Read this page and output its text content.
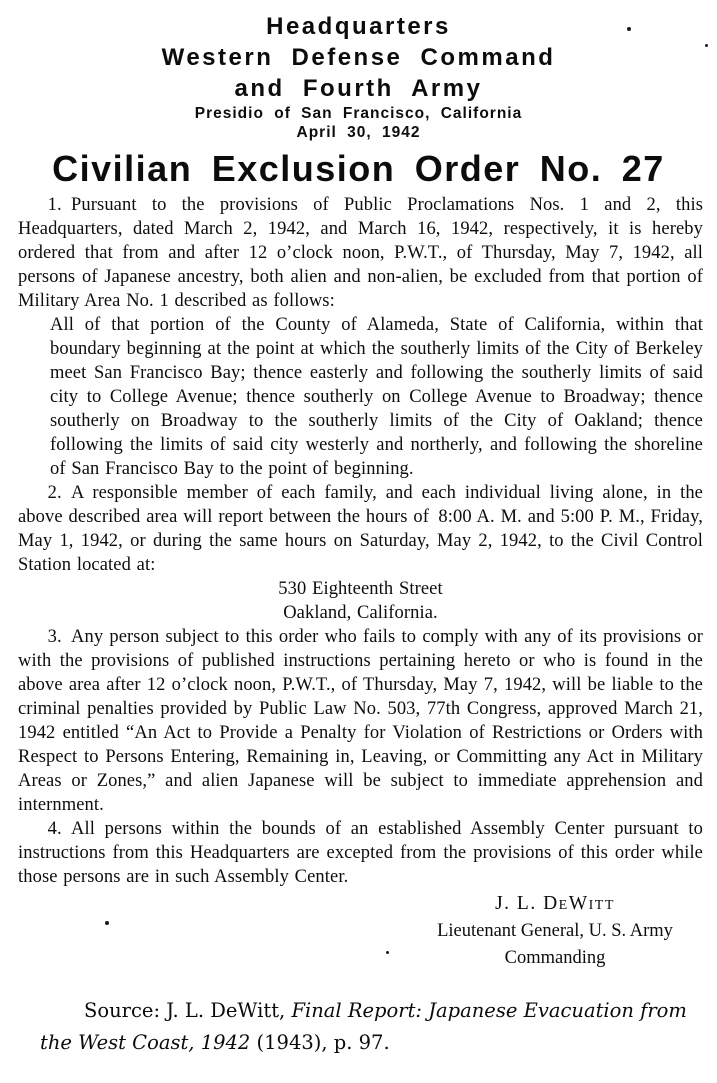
Headquarters
Western Defense Command
and Fourth Army
Presidio of San Francisco, California
April 30, 1942
Civilian Exclusion Order No. 27

1. Pursuant to the provisions of Public Proclamations Nos. 1 and 2, this Headquarters, dated March 2, 1942, and March 16, 1942, respectively, it is hereby ordered that from and after 12 o’clock noon, P.W.T., of Thursday, May 7, 1942, all persons of Japanese ancestry, both alien and non-alien, be excluded from that portion of Military Area No. 1 described as follows:

All of that portion of the County of Alameda, State of California, within that boundary beginning at the point at which the southerly limits of the City of Berkeley meet San Francisco Bay; thence easterly and following the southerly limits of said city to College Avenue; thence southerly on College Avenue to Broadway; thence southerly on Broadway to the southerly limits of the City of Oakland; thence following the limits of said city westerly and northerly, and following the shoreline of San Francisco Bay to the point of beginning.

2. A responsible member of each family, and each individual living alone, in the above described area will report between the hours of 8:00 A. M. and 5:00 P. M., Friday, May 1, 1942, or during the same hours on Saturday, May 2, 1942, to the Civil Control Station located at:

530 Eighteenth Street

Oakland, California.

3. Any person subject to this order who fails to comply with any of its provisions or with the provisions of published instructions pertaining hereto or who is found in the above area after 12 o’clock noon, P.W.T., of Thursday, May 7, 1942, will be liable to the criminal penalties provided by Public Law No. 503, 77th Congress, approved March 21, 1942 entitled “An Act to Provide a Penalty for Violation of Restrictions or Orders with Respect to Persons Entering, Remaining in, Leaving, or Committing any Act in Military Areas or Zones,” and alien Japanese will be subject to immediate apprehension and internment.

4. All persons within the bounds of an established Assembly Center pursuant to instructions from this Headquarters are excepted from the provisions of this order while those persons are in such Assembly Center.

J. L. DeWitt
Lieutenant General, U. S. Army
Commanding
Source: J. L. DeWitt, Final Report: Japanese Evacuation from the West Coast, 1942 (1943), p. 97.
